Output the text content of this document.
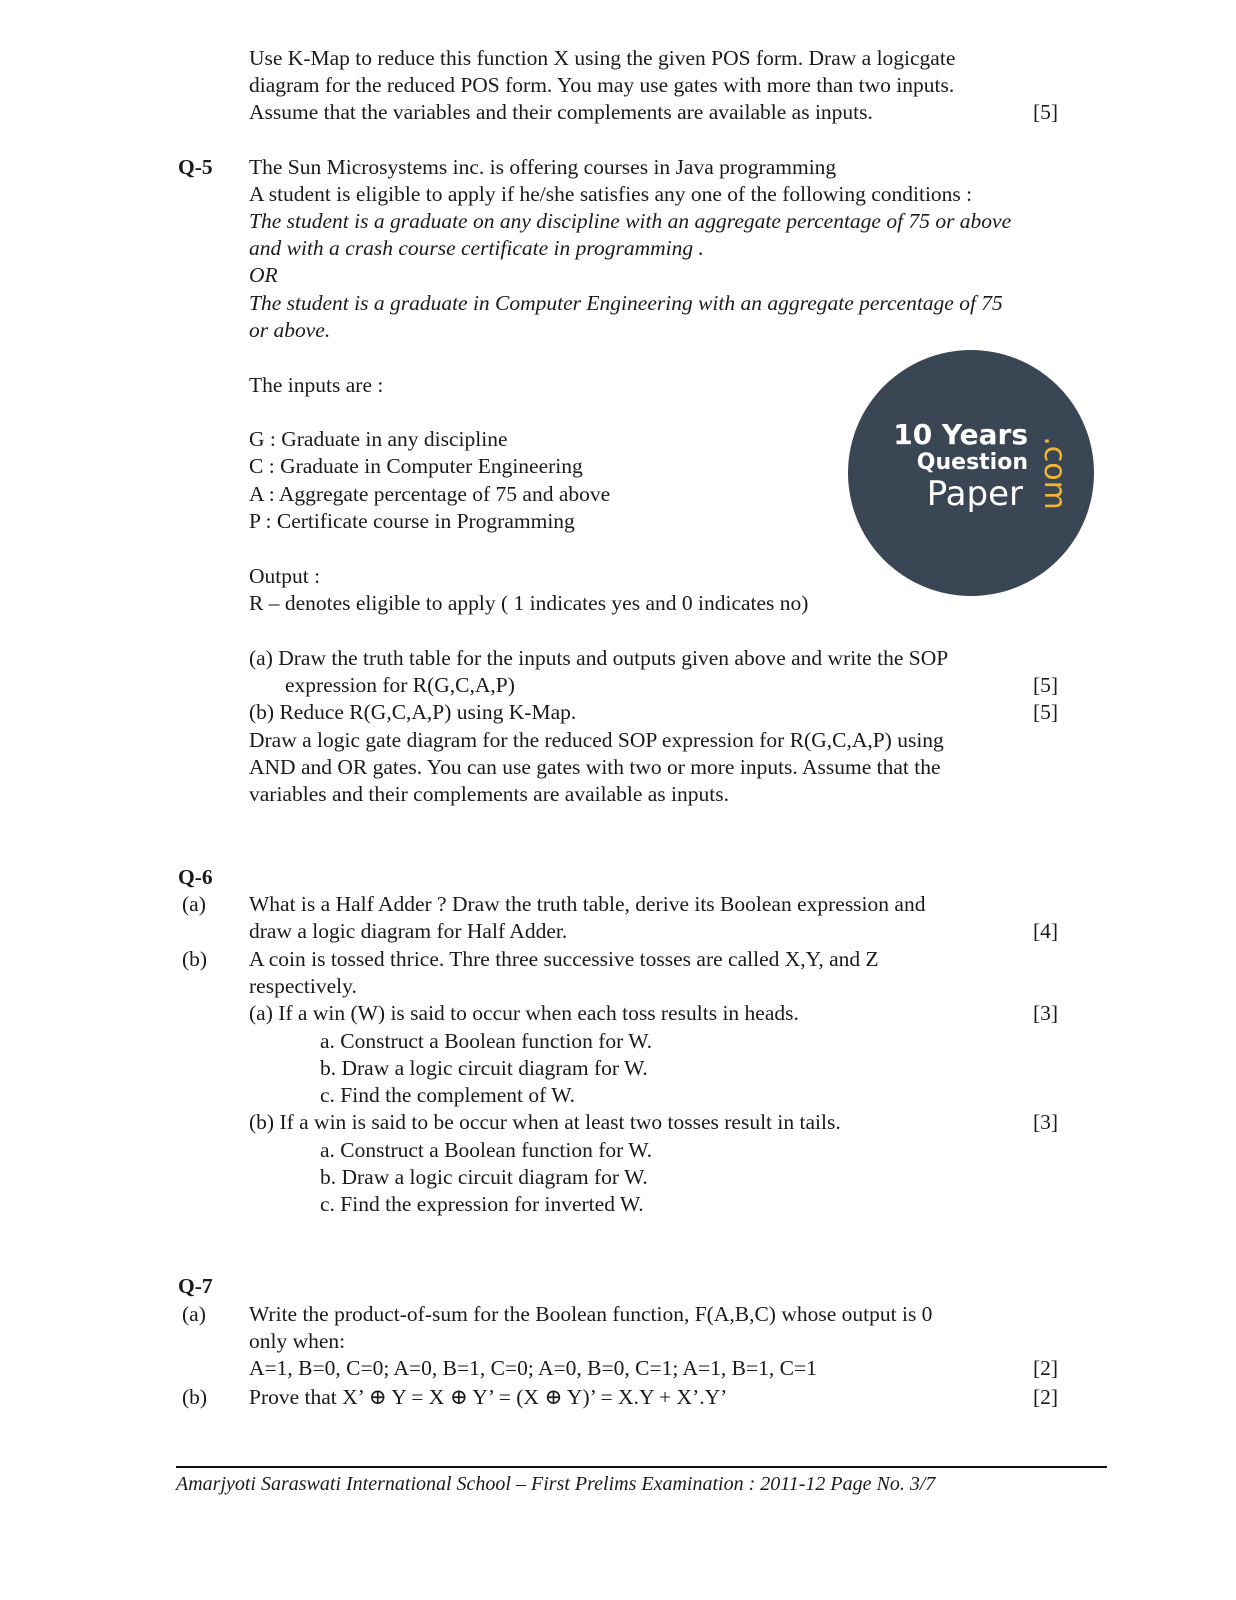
Use K-Map to reduce this function X using the given POS form. Draw a logicgate
diagram for the reduced POS form. You may use gates with more than two inputs.
Assume that the variables and their complements are available as inputs.
Q-5 The Sun Microsystems inc. is offering courses in Java programming
A student is eligible to apply if he/she satisfies any one of the following conditions :
The student is a graduate on any discipline with an aggregate percentage of 75 or above
and with a crash course certificate in programming .
OR
The student is a graduate in Computer Engineering with an aggregate percentage of 75
or above.
The inputs are :
G : Graduate in any discipline
C : Graduate in Computer Engineering
A : Aggregate percentage of 75 and above
P : Certificate course in Programming
Output :
R – denotes eligible to apply ( 1 indicates yes and 0 indicates no)
(a) Draw the truth table for the inputs and outputs given above and write the SOP
expression for R(G,C,A,P)
(b) Reduce R(G,C,A,P) using K-Map.
Draw a logic gate diagram for the reduced SOP expression for R(G,C,A,P) using
AND and OR gates. You can use gates with two or more inputs. Assume that the
variables and their complements are available as inputs.
Q-6
(a) What is a Half Adder ? Draw the truth table, derive its Boolean expression and
draw a logic diagram for Half Adder.
(b) A coin is tossed thrice. Thre three successive tosses are called X,Y, and Z
respectively.
(a) If a win (W) is said to occur when each toss results in heads.
a. Construct a Boolean function for W.
b. Draw a logic circuit diagram for W.
c. Find the complement of W.
(b) If a win is said to be occur when at least two tosses result in tails.
a. Construct a Boolean function for W.
b. Draw a logic circuit diagram for W.
c. Find the expression for inverted W.
Q-7
(a) Write the product-of-sum for the Boolean function, F(A,B,C) whose output is 0
only when:
A=1, B=0, C=0; A=0, B=1, C=0; A=0, B=0, C=1; A=1, B=1, C=1
(b) Prove that X’ ⊕ Y = X ⊕ Y’ = (X ⊕ Y)’ = X.Y + X’.Y’
[5]
[5]
[5]
[4]
[3]
[3]
[2]
[2]
10 Years
Question
Paper .com
Amarjyoti Saraswati International School – First Prelims Examination : 2011-12 Page No. 3/7
